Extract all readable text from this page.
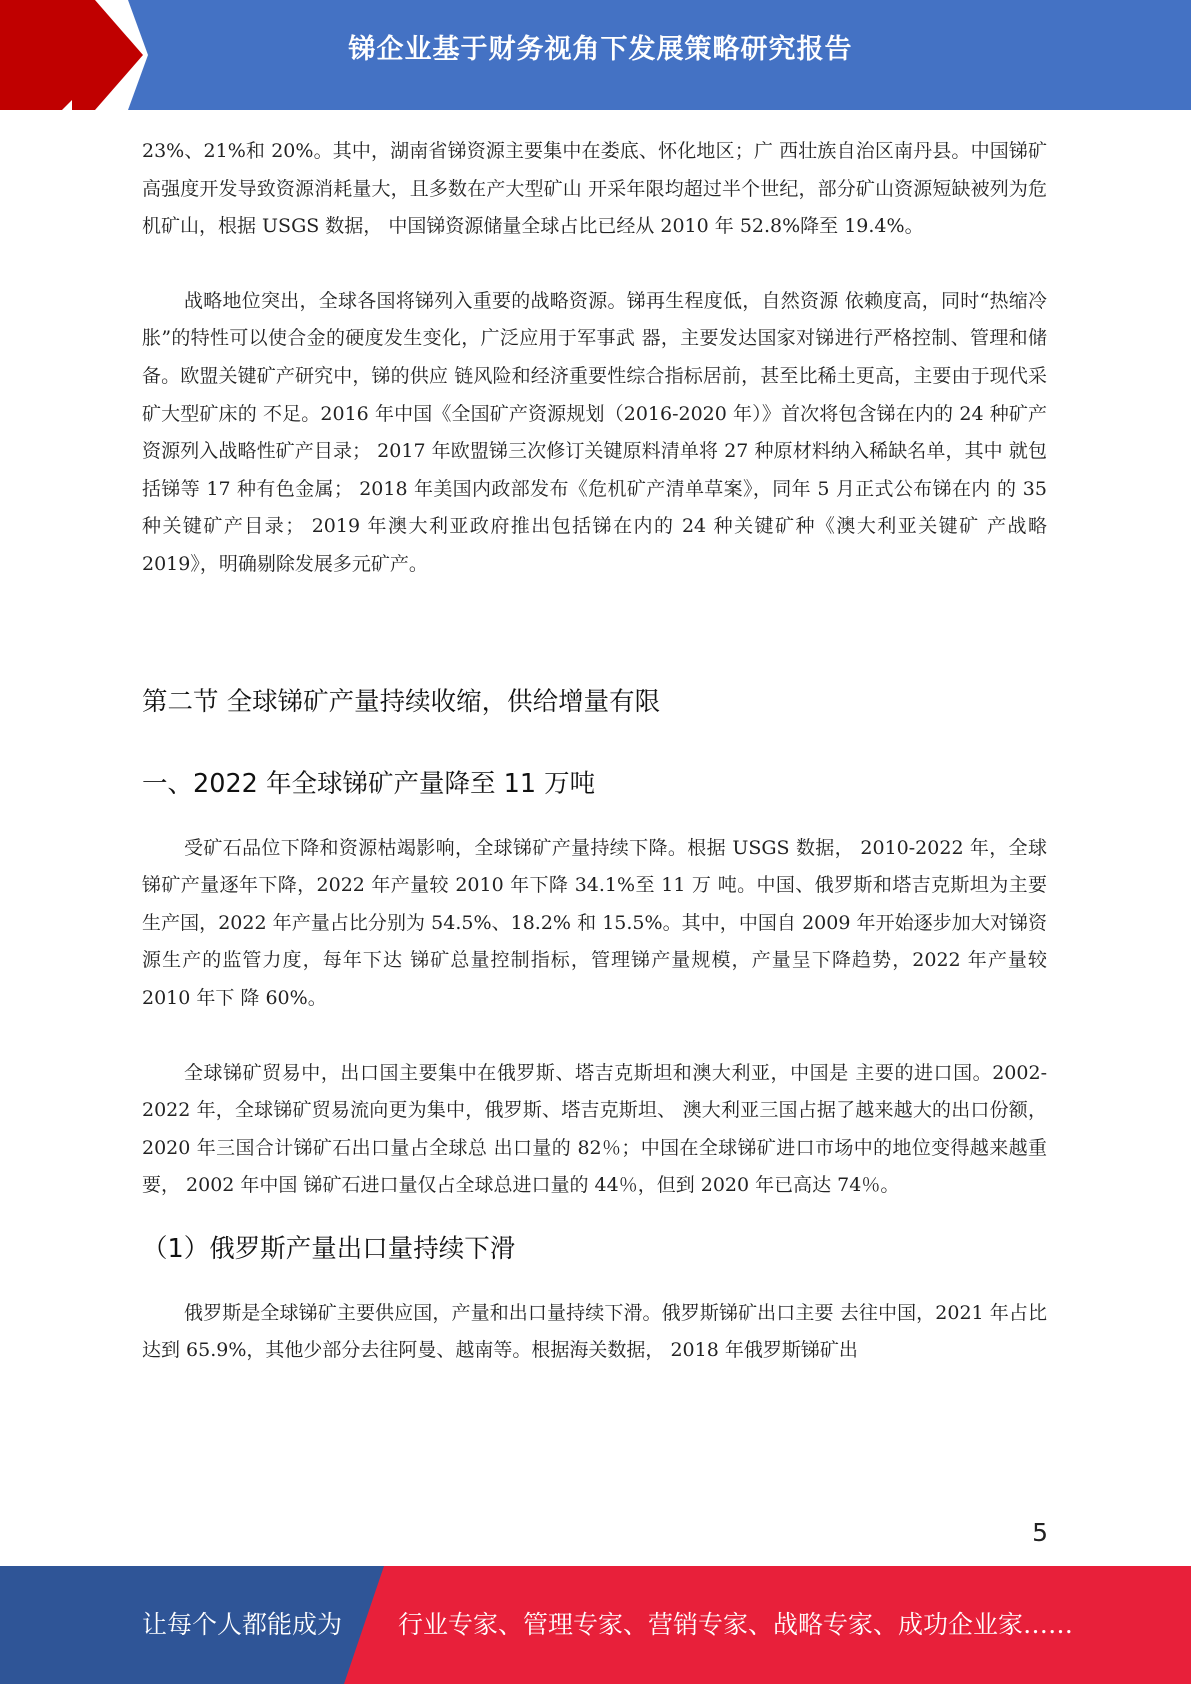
锑企业基于财务视角下发展策略研究报告

23%、21%和 20%。其中，湖南省锑资源主要集中在娄底、怀化地区；广 西壮族自治区南丹县。中国锑矿高强度开发导致资源消耗量大，且多数在产大型矿山 开采年限均超过半个世纪，部分矿山资源短缺被列为危机矿山，根据 USGS 数据， 中国锑资源储量全球占比已经从 2010 年 52.8%降至 19.4%。

战略地位突出，全球各国将锑列入重要的战略资源。锑再生程度低，自然资源 依赖度高，同时“热缩冷胀”的特性可以使合金的硬度发生变化，广泛应用于军事武 器，主要发达国家对锑进行严格控制、管理和储备。欧盟关键矿产研究中，锑的供应 链风险和经济重要性综合指标居前，甚至比稀土更高，主要由于现代采矿大型矿床的 不足。2016 年中国《全国矿产资源规划（2016-2020 年）》首次将包含锑在内的 24 种矿产资源列入战略性矿产目录； 2017 年欧盟锑三次修订关键原料清单将 27 种原材料纳入稀缺名单，其中 就包括锑等 17 种有色金属； 2018 年美国内政部发布《危机矿产清单草案》，同年 5 月正式公布锑在内 的 35 种关键矿产目录； 2019 年澳大利亚政府推出包括锑在内的 24 种关键矿种《澳大利亚关键矿 产战略 2019》，明确剔除发展多元矿产。

第二节 全球锑矿产量持续收缩，供给增量有限
一、2022 年全球锑矿产量降至 11 万吨

受矿石品位下降和资源枯竭影响，全球锑矿产量持续下降。根据 USGS 数据， 2010-2022 年，全球锑矿产量逐年下降，2022 年产量较 2010 年下降 34.1%至 11 万 吨。中国、俄罗斯和塔吉克斯坦为主要生产国，2022 年产量占比分别为 54.5%、18.2% 和 15.5%。其中，中国自 2009 年开始逐步加大对锑资源生产的监管力度，每年下达 锑矿总量控制指标，管理锑产量规模，产量呈下降趋势，2022 年产量较 2010 年下 降 60%。

全球锑矿贸易中，出口国主要集中在俄罗斯、塔吉克斯坦和澳大利亚，中国是 主要的进口国。2002-2022 年，全球锑矿贸易流向更为集中，俄罗斯、塔吉克斯坦、 澳大利亚三国占据了越来越大的出口份额，2020 年三国合计锑矿石出口量占全球总 出口量的 82％；中国在全球锑矿进口市场中的地位变得越来越重要， 2002 年中国 锑矿石进口量仅占全球总进口量的 44％，但到 2020 年已高达 74％。

（1）俄罗斯产量出口量持续下滑

俄罗斯是全球锑矿主要供应国，产量和出口量持续下滑。俄罗斯锑矿出口主要 去往中国，2021 年占比达到 65.9%，其他少部分去往阿曼、越南等。根据海关数据， 2018 年俄罗斯锑矿出

5
让每个人都能成为 行业专家、管理专家、营销专家、战略专家、成功企业家……
